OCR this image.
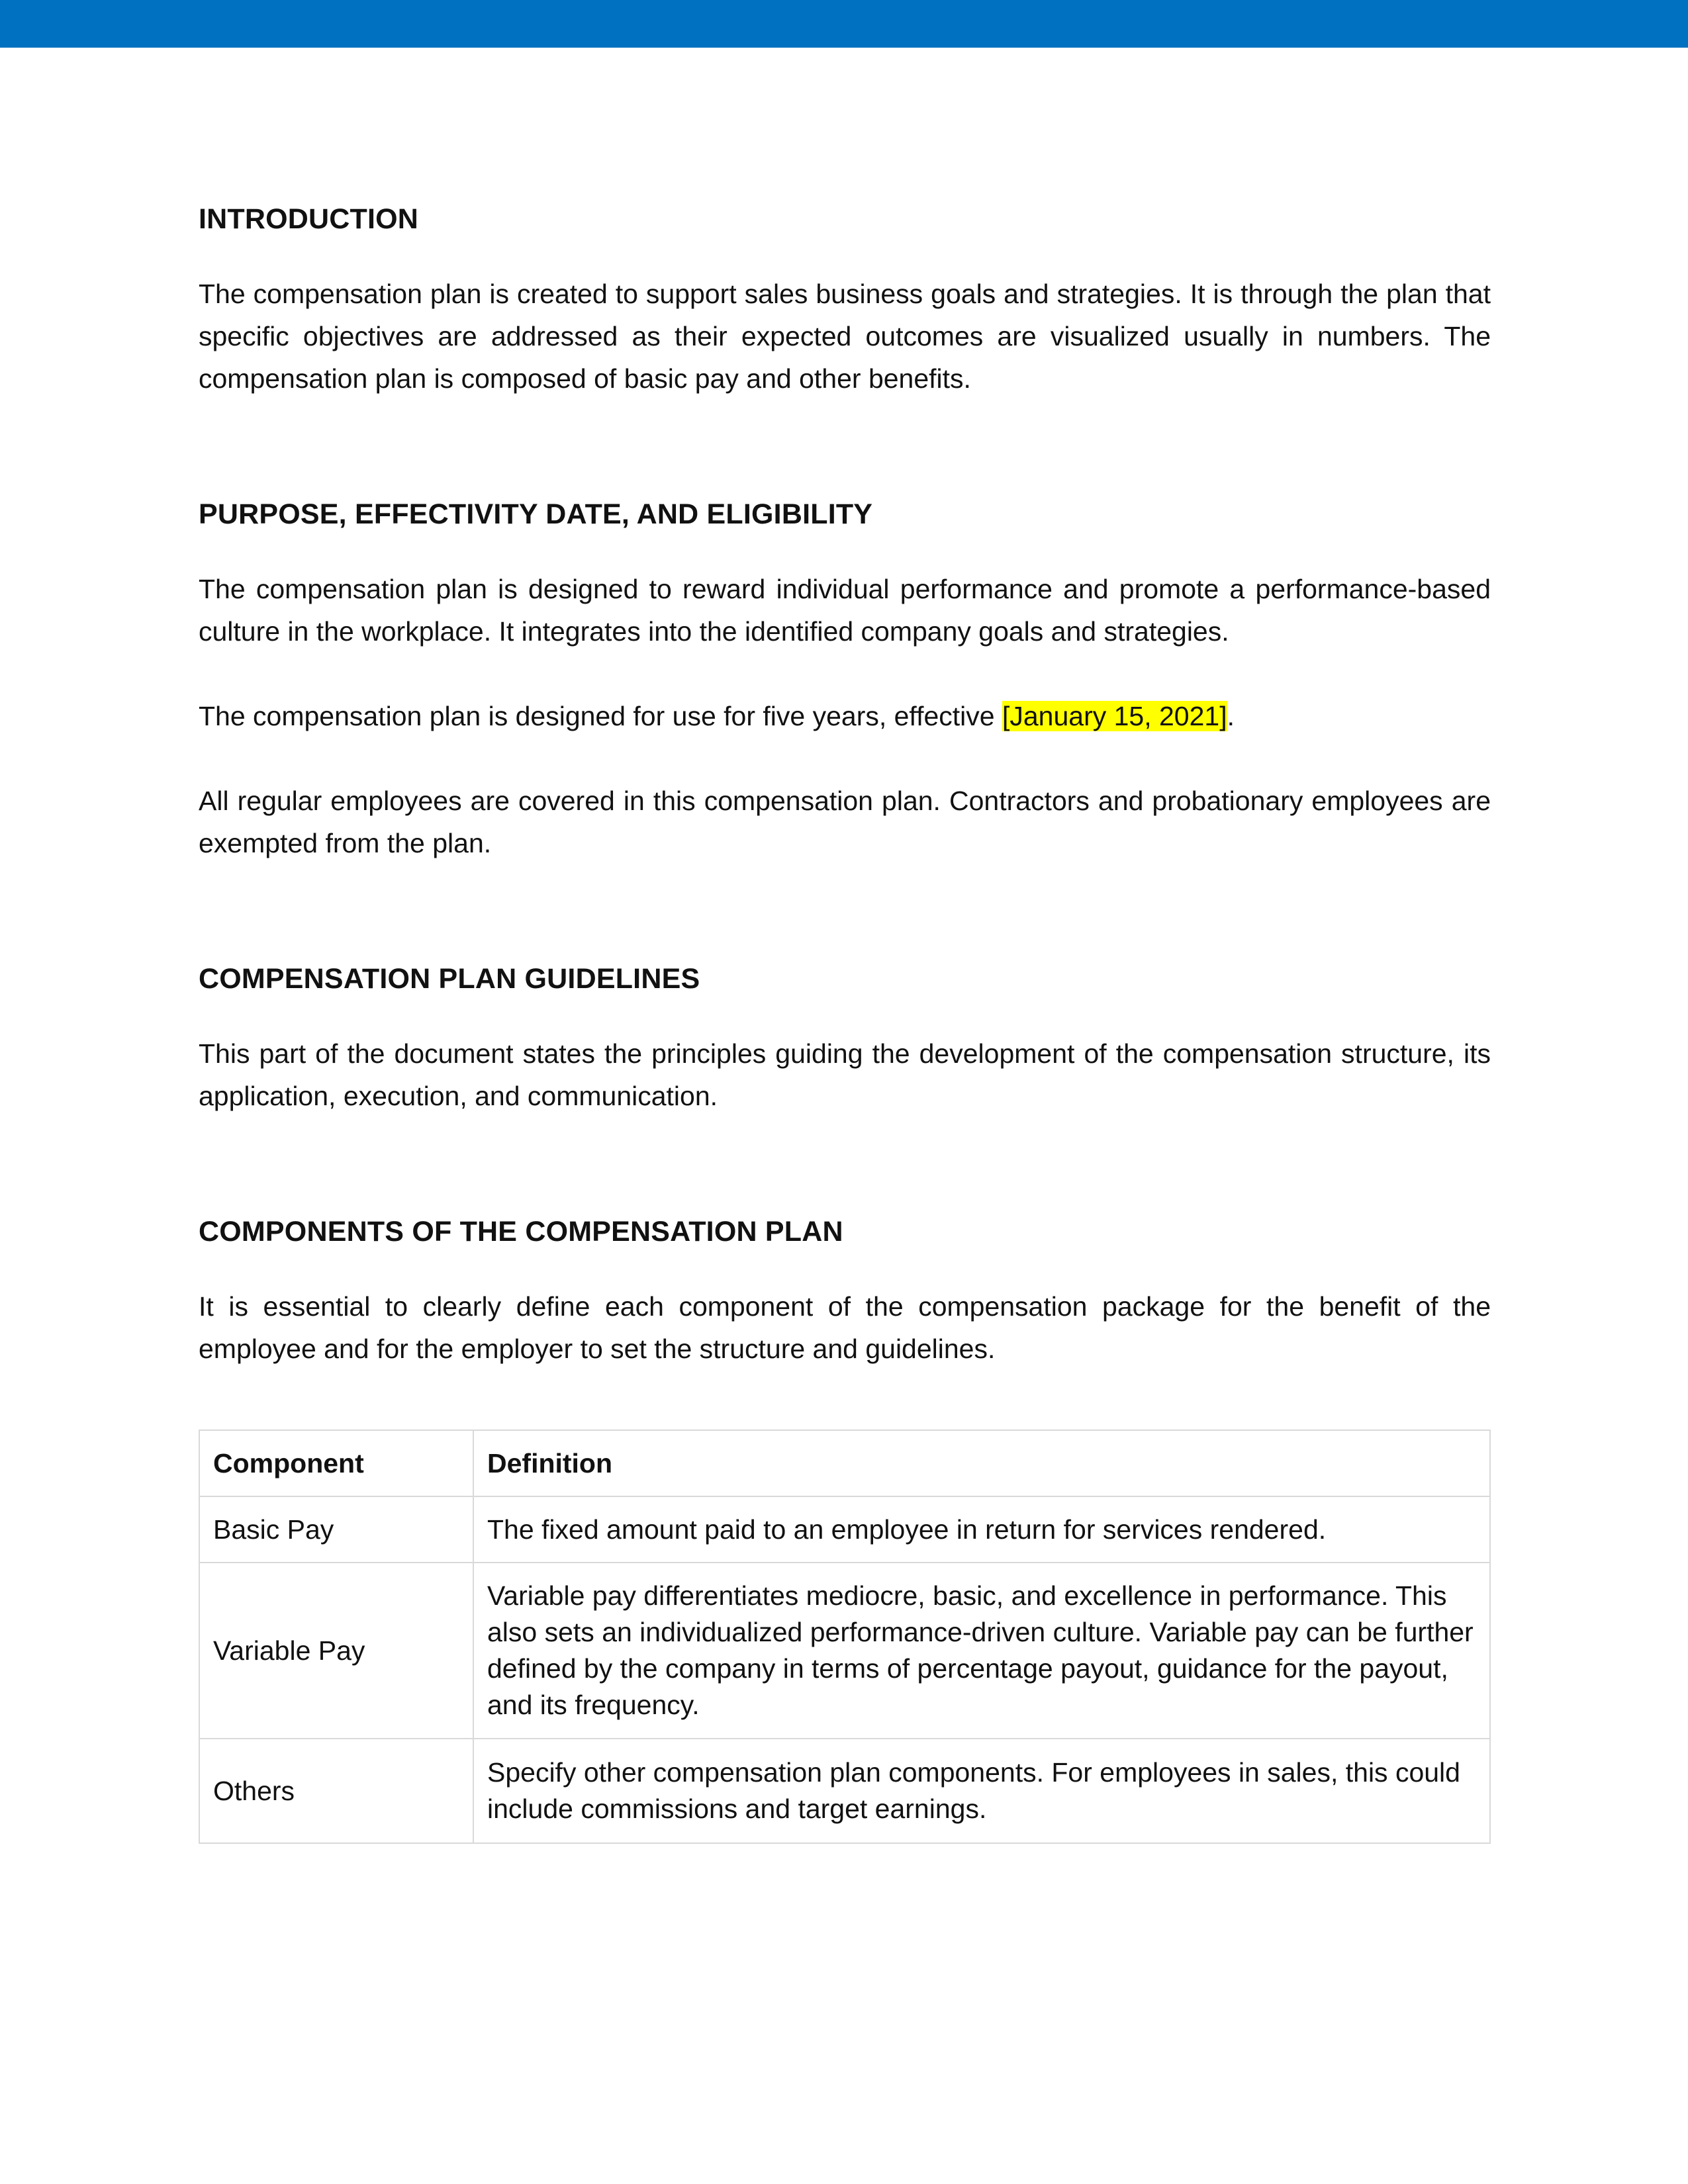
INTRODUCTION

The compensation plan is created to support sales business goals and strategies. It is through the plan that specific objectives are addressed as their expected outcomes are visualized usually in numbers. The compensation plan is composed of basic pay and other benefits.

PURPOSE, EFFECTIVITY DATE, AND ELIGIBILITY

The compensation plan is designed to reward individual performance and promote a performance-based culture in the workplace. It integrates into the identified company goals and strategies.

The compensation plan is designed for use for five years, effective [January 15, 2021].

All regular employees are covered in this compensation plan. Contractors and probationary employees are exempted from the plan.

COMPENSATION PLAN GUIDELINES

This part of the document states the principles guiding the development of the compensation structure, its application, execution, and communication.

COMPONENTS OF THE COMPENSATION PLAN

It is essential to clearly define each component of the compensation package for the benefit of the employee and for the employer to set the structure and guidelines.

Component	Definition
Basic Pay	The fixed amount paid to an employee in return for services rendered.
Variable Pay	Variable pay differentiates mediocre, basic, and excellence in performance. This also sets an individualized performance-driven culture. Variable pay can be further defined by the company in terms of percentage payout, guidance for the payout, and its frequency.
Others	Specify other compensation plan components. For employees in sales, this could include commissions and target earnings.
